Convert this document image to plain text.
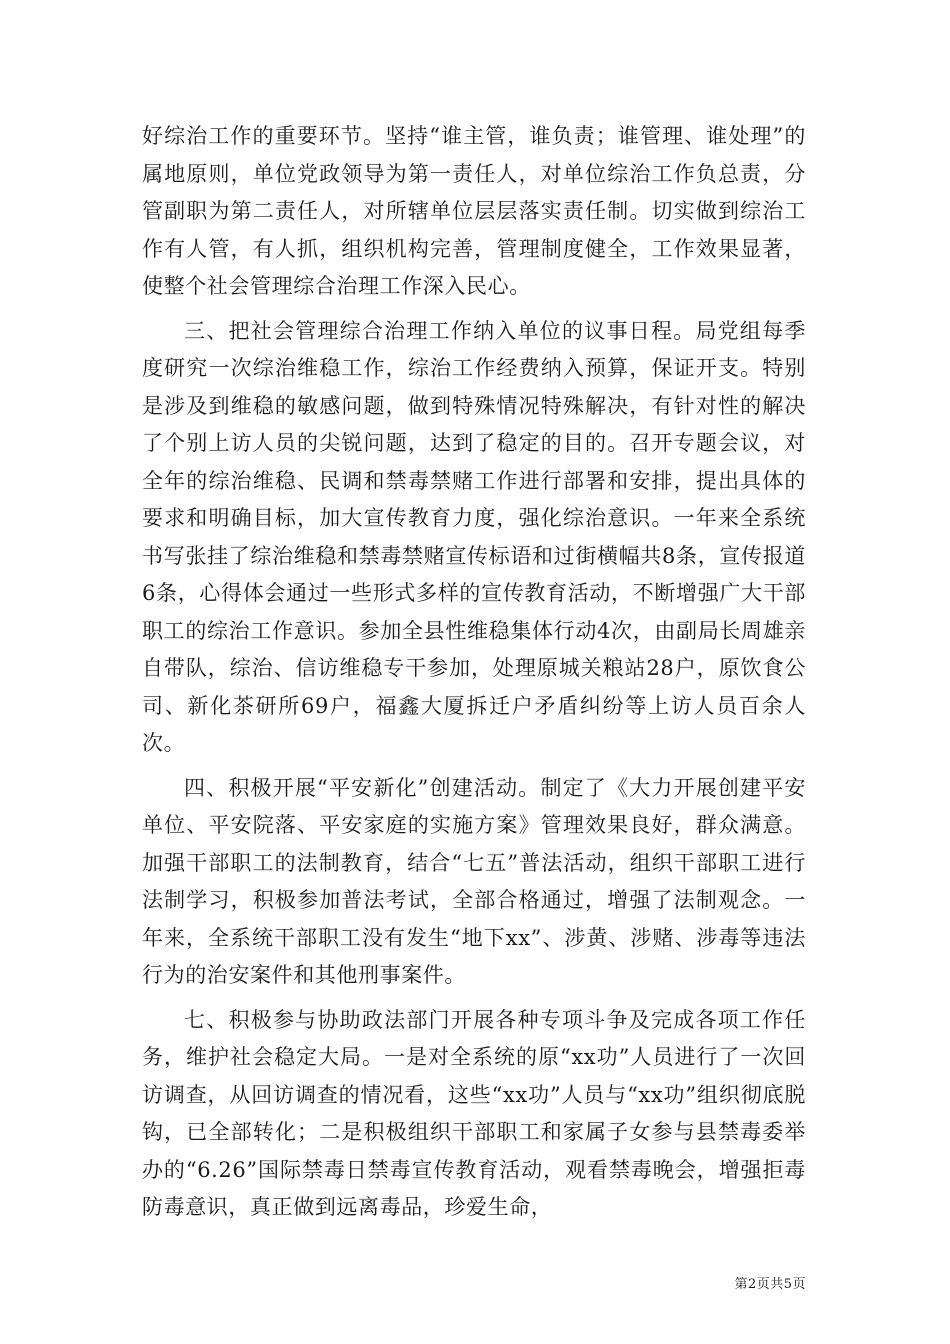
好综治工作的重要环节。坚持“谁主管，谁负责；谁管理、谁处理”的属地原则，单位党政领导为第一责任人，对单位综治工作负总责，分管副职为第二责任人，对所辖单位层层落实责任制。切实做到综治工作有人管，有人抓，组织机构完善，管理制度健全，工作效果显著，使整个社会管理综合治理工作深入民心。

三、把社会管理综合治理工作纳入单位的议事日程。局党组每季度研究一次综治维稳工作，综治工作经费纳入预算，保证开支。特别是涉及到维稳的敏感问题，做到特殊情况特殊解决，有针对性的解决了个别上访人员的尖锐问题，达到了稳定的目的。召开专题会议，对全年的综治维稳、民调和禁毒禁赌工作进行部署和安排，提出具体的要求和明确目标，加大宣传教育力度，强化综治意识。一年来全系统书写张挂了综治维稳和禁毒禁赌宣传标语和过街横幅共8条，宣传报道6条，心得体会通过一些形式多样的宣传教育活动，不断增强广大干部职工的综治工作意识。参加全县性维稳集体行动4次，由副局长周雄亲自带队，综治、信访维稳专干参加，处理原城关粮站28户，原饮食公司、新化茶研所69户，福鑫大厦拆迁户矛盾纠纷等上访人员百余人次。

四、积极开展“平安新化”创建活动。制定了《大力开展创建平安单位、平安院落、平安家庭的实施方案》管理效果良好，群众满意。加强干部职工的法制教育，结合“七五”普法活动，组织干部职工进行法制学习，积极参加普法考试，全部合格通过，增强了法制观念。一年来，全系统干部职工没有发生“地下xx”、涉黄、涉赌、涉毒等违法行为的治安案件和其他刑事案件。

七、积极参与协助政法部门开展各种专项斗争及完成各项工作任务，维护社会稳定大局。一是对全系统的原“xx功”人员进行了一次回访调查，从回访调查的情况看，这些“xx功”人员与“xx功”组织彻底脱钩，已全部转化；二是积极组织干部职工和家属子女参与县禁毒委举办的“6.26”国际禁毒日禁毒宣传教育活动，观看禁毒晚会，增强拒毒防毒意识，真正做到远离毒品，珍爱生命，

第2页共5页
